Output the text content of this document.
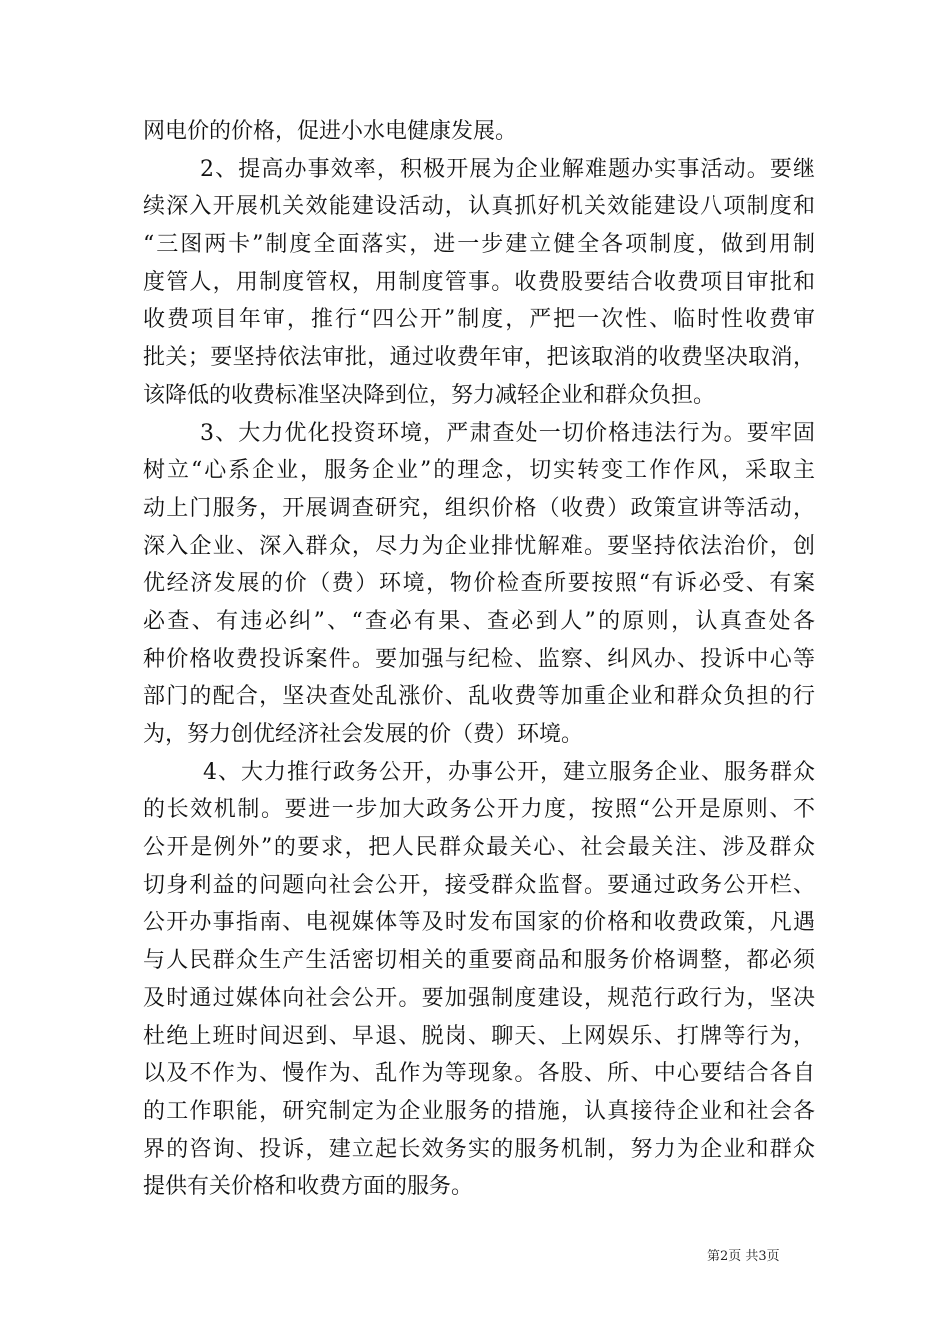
网电价的价格，促进小水电健康发展。
2、提高办事效率，积极开展为企业解难题办实事活动。要继
续深入开展机关效能建设活动，认真抓好机关效能建设八项制度和
“三图两卡”制度全面落实，进一步建立健全各项制度，做到用制
度管人，用制度管权，用制度管事。收费股要结合收费项目审批和
收费项目年审，推行“四公开”制度，严把一次性、临时性收费审
批关；要坚持依法审批，通过收费年审，把该取消的收费坚决取消，
该降低的收费标准坚决降到位，努力减轻企业和群众负担。
3、大力优化投资环境，严肃查处一切价格违法行为。要牢固
树立“心系企业，服务企业”的理念，切实转变工作作风，采取主
动上门服务，开展调查研究，组织价格（收费）政策宣讲等活动，
深入企业、深入群众，尽力为企业排忧解难。要坚持依法治价，创
优经济发展的价（费）环境，物价检查所要按照“有诉必受、有案
必查、有违必纠”、“查必有果、查必到人”的原则，认真查处各
种价格收费投诉案件。要加强与纪检、监察、纠风办、投诉中心等
部门的配合，坚决查处乱涨价、乱收费等加重企业和群众负担的行
为，努力创优经济社会发展的价（费）环境。
4、大力推行政务公开，办事公开，建立服务企业、服务群众
的长效机制。要进一步加大政务公开力度，按照“公开是原则、不
公开是例外”的要求，把人民群众最关心、社会最关注、涉及群众
切身利益的问题向社会公开，接受群众监督。要通过政务公开栏、
公开办事指南、电视媒体等及时发布国家的价格和收费政策，凡遇
与人民群众生产生活密切相关的重要商品和服务价格调整，都必须
及时通过媒体向社会公开。要加强制度建设，规范行政行为，坚决
杜绝上班时间迟到、早退、脱岗、聊天、上网娱乐、打牌等行为，
以及不作为、慢作为、乱作为等现象。各股、所、中心要结合各自
的工作职能，研究制定为企业服务的措施，认真接待企业和社会各
界的咨询、投诉，建立起长效务实的服务机制，努力为企业和群众
提供有关价格和收费方面的服务。
第2页 共3页
